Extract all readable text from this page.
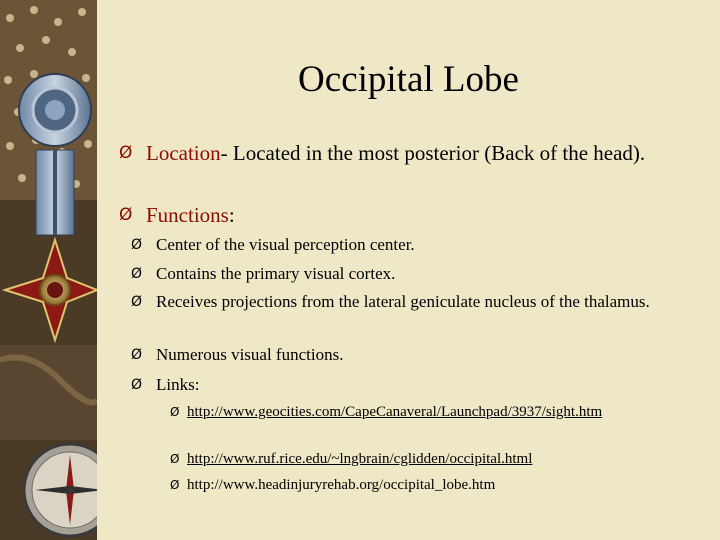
Occipital Lobe
Ø Location- Located in the most posterior (Back of the head).
Ø Functions:
Ø Center of the visual perception center.
Ø Contains the primary visual cortex.
Ø Receives projections from the lateral geniculate nucleus of the thalamus.
Ø Numerous visual functions.
Ø Links:
Ø http://www.geocities.com/CapeCanaveral/Launchpad/3937/sight.htm
Ø http://www.ruf.rice.edu/~lngbrain/cglidden/occipital.html
Ø http://www.headinjuryrehab.org/occipital_lobe.htm
